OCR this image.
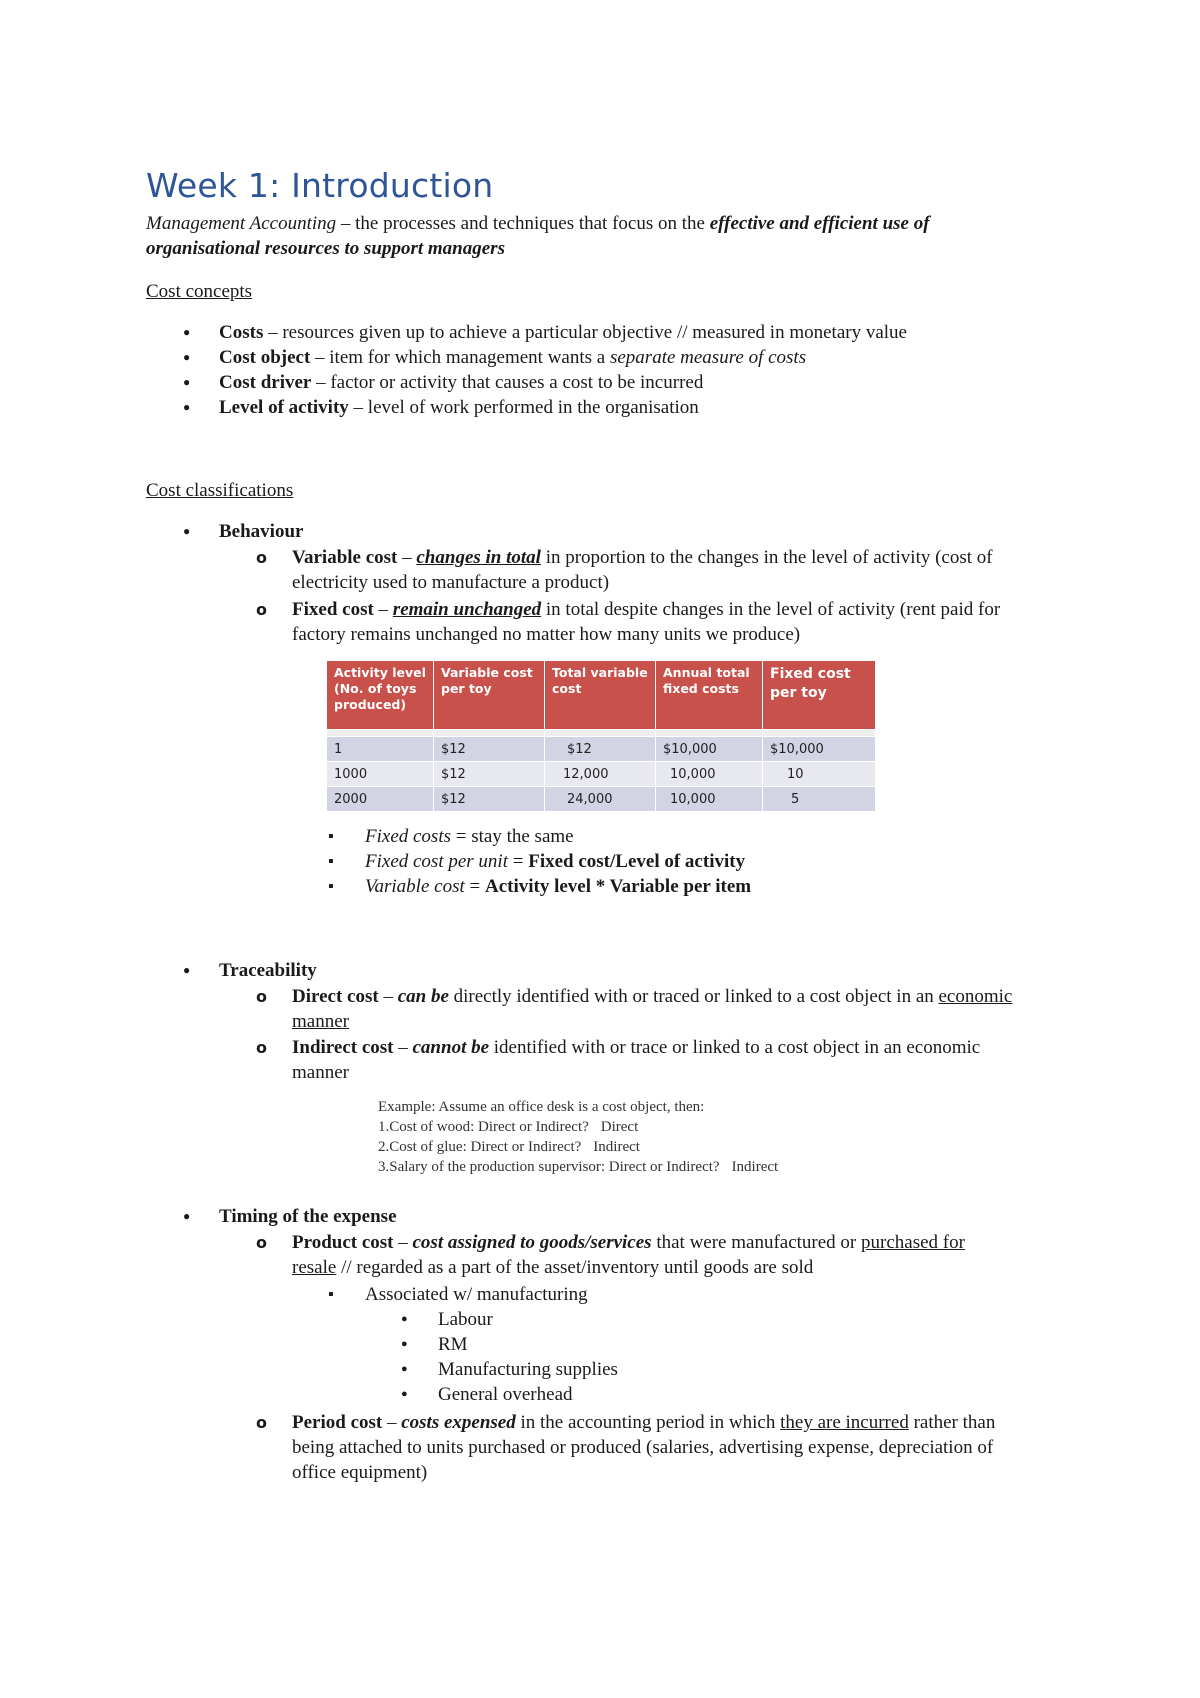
Week 1: Introduction
Management Accounting – the processes and techniques that focus on the effective and efficient use of
organisational resources to support managers
Cost concepts
● Costs – resources given up to achieve a particular objective // measured in monetary value
● Cost object – item for which management wants a separate measure of costs
● Cost driver – factor or activity that causes a cost to be incurred
● Level of activity – level of work performed in the organisation
Cost classifications
● Behaviour
o Variable cost – changes in total in proportion to the changes in the level of activity (cost of
electricity used to manufacture a product)
o Fixed cost – remain unchanged in total despite changes in the level of activity (rent paid for
factory remains unchanged no matter how many units we produce)
Activity level (No. of toys produced)	Variable cost per toy	Total variable cost	Annual total fixed costs	Fixed cost per toy

1	$12	$12	$10,000	$10,000
1000	$12	12,000	10,000	10
2000	$12	24,000	10,000	5
▪ Fixed costs = stay the same
▪ Fixed cost per unit = Fixed cost/Level of activity
▪ Variable cost = Activity level * Variable per item
● Traceability
o Direct cost – can be directly identified with or traced or linked to a cost object in an economic
manner
o Indirect cost – cannot be identified with or trace or linked to a cost object in an economic
manner
Example: Assume an office desk is a cost object, then:
1.Cost of wood: Direct or Indirect? Direct
2.Cost of glue: Direct or Indirect? Indirect
3.Salary of the production supervisor: Direct or Indirect? Indirect
● Timing of the expense
o Product cost – cost assigned to goods/services that were manufactured or purchased for
resale // regarded as a part of the asset/inventory until goods are sold
▪ Associated w/ manufacturing
● Labour
● RM
● Manufacturing supplies
● General overhead
o Period cost – costs expensed in the accounting period in which they are incurred rather than
being attached to units purchased or produced (salaries, advertising expense, depreciation of
office equipment)
